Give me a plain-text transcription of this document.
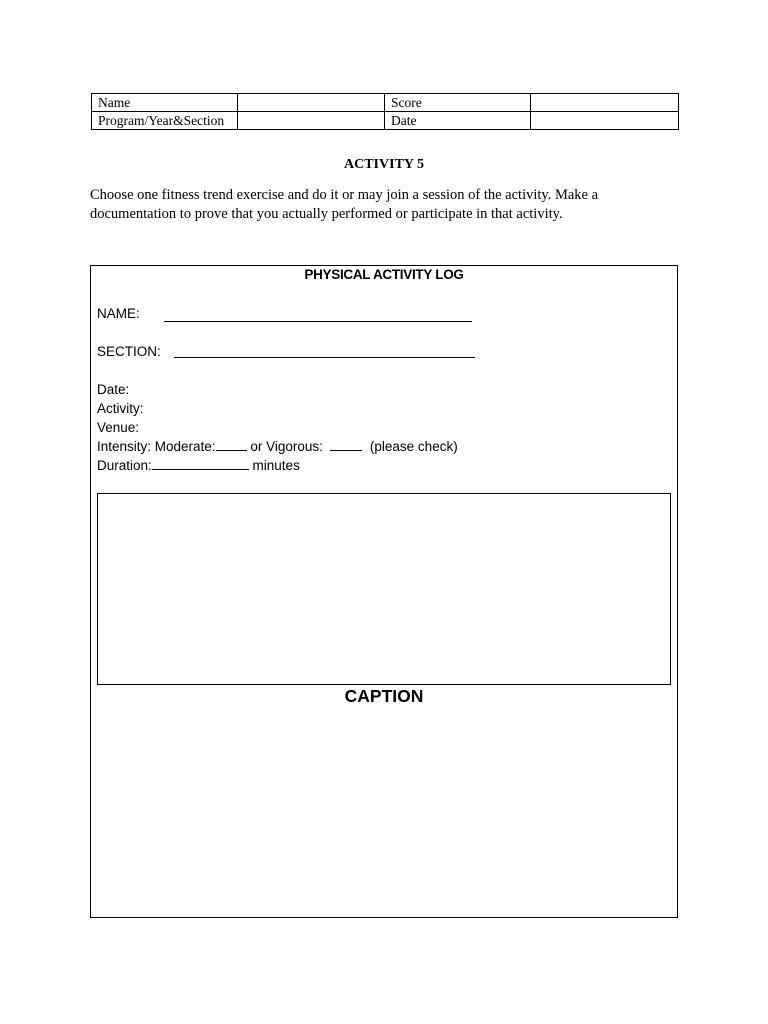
Name		Score	
Program/Year&Section		Date	
ACTIVITY 5
Choose one fitness trend exercise and do it or may join a session of the activity. Make a documentation to prove that you actually performed or participate in that activity.
PHYSICAL ACTIVITY LOG
NAME:
SECTION:
Date:
Activity:
Venue:
Intensity: Moderate:	or Vigorous:	(please check)
Duration:	minutes
CAPTION
